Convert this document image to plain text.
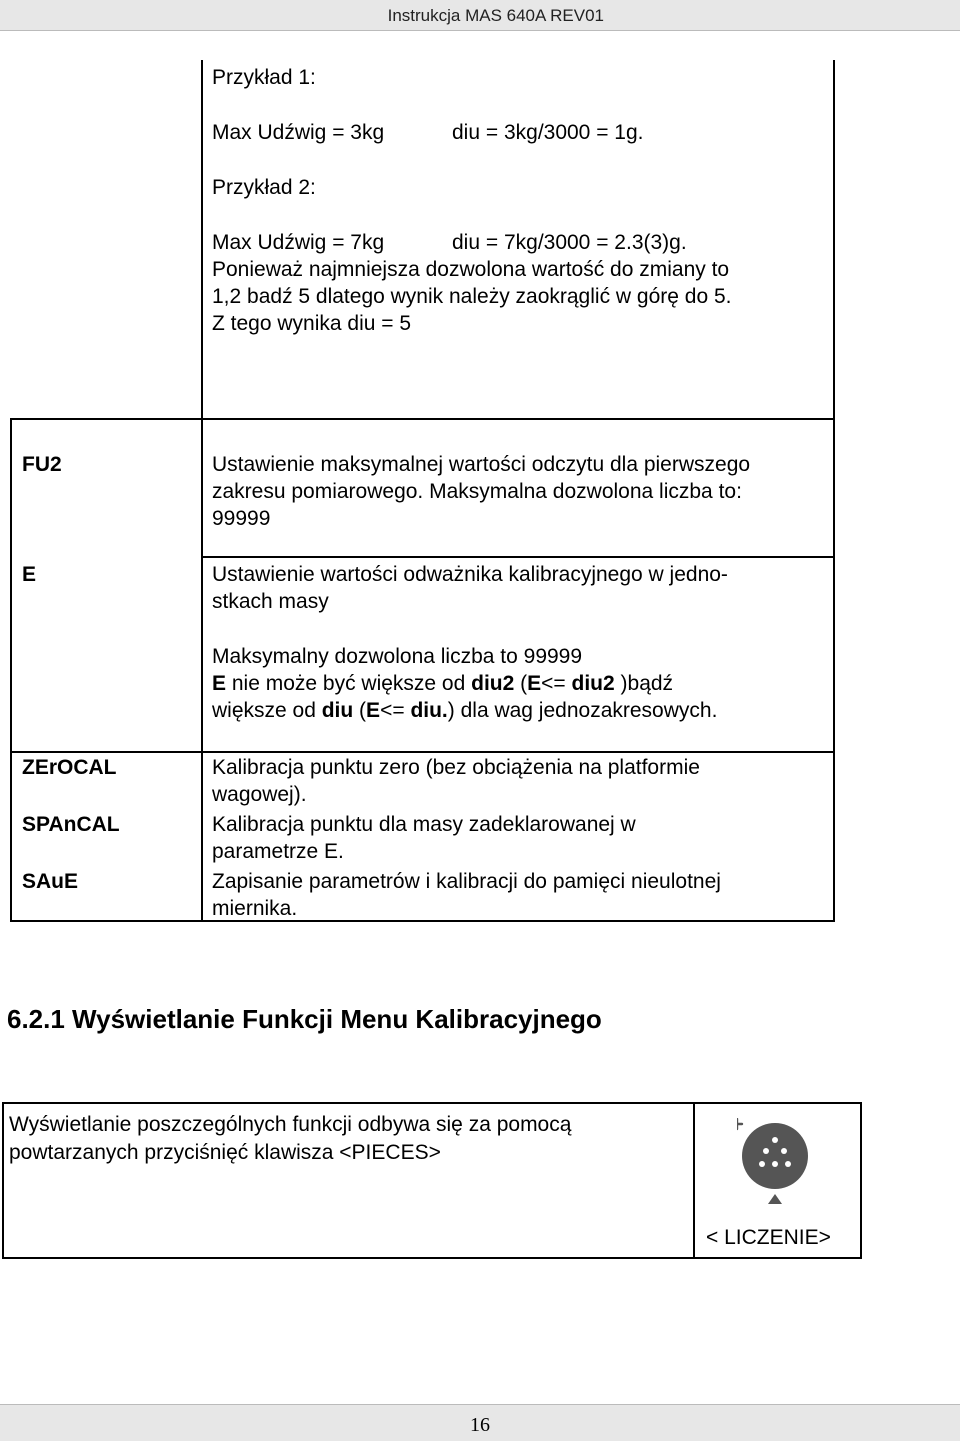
Instrukcja MAS 640A REV01
Przykład 1:
Max Udźwig = 3kg	diu = 3kg/3000 = 1g.
Przykład 2:
Max Udźwig = 7kg	diu = 7kg/3000 = 2.3(3)g.
Ponieważ najmniejsza dozwolona wartość do zmiany to
1,2 badź 5 dlatego wynik należy zaokrąglić w górę do 5.
Z tego wynika diu = 5
FU2	Ustawienie maksymalnej wartości odczytu dla pierwszego
zakresu pomiarowego. Maksymalna dozwolona liczba to:
99999
E	Ustawienie wartości odważnika kalibracyjnego w jedno-
stkach masy
Maksymalny dozwolona liczba to 99999
E nie może być większe od diu2 (E<= diu2 )bądź
większe od diu (E<= diu.) dla wag jednozakresowych.
ZErOCAL	Kalibracja punktu zero (bez obciążenia na platformie
wagowej).
SPAnCAL	Kalibracja punktu dla masy zadeklarowanej w
parametrze E.
SAuE	Zapisanie parametrów i kalibracji do pamięci nieulotnej
miernika.
6.2.1 Wyświetlanie Funkcji Menu Kalibracyjnego
Wyświetlanie poszczególnych funkcji odbywa się za pomocą
powtarzanych przyciśnięć klawisza <PIECES>
< LICZENIE>
16
